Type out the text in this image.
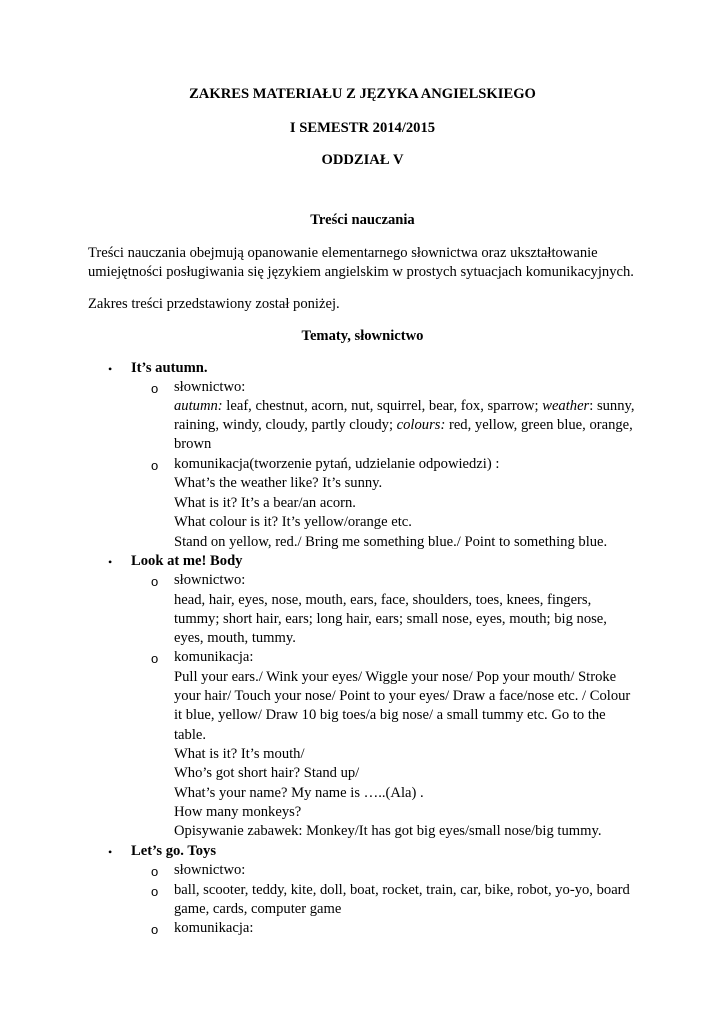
ZAKRES MATERIAŁU Z JĘZYKA ANGIELSKIEGO
I SEMESTR 2014/2015
ODDZIAŁ V
Treści nauczania
Treści nauczania obejmują opanowanie elementarnego słownictwa oraz ukształtowanie
umiejętności posługiwania się językiem angielskim w prostych sytuacjach komunikacyjnych.
Zakres treści przedstawiony został poniżej.
Tematy, słownictwo
• It’s autumn.
o słownictwo:
autumn: leaf, chestnut, acorn, nut, squirrel, bear, fox, sparrow; weather: sunny,
raining, windy, cloudy, partly cloudy; colours: red, yellow, green blue, orange,
brown
o komunikacja(tworzenie pytań, udzielanie odpowiedzi) :
What’s the weather like? It’s sunny.
What is it? It’s a bear/an acorn.
What colour is it? It’s yellow/orange etc.
Stand on yellow, red./ Bring me something blue./ Point to something blue.
• Look at me! Body
o słownictwo:
head, hair, eyes, nose, mouth, ears, face, shoulders, toes, knees, fingers,
tummy; short hair, ears; long hair, ears; small nose, eyes, mouth; big nose,
eyes, mouth, tummy.
o komunikacja:
Pull your ears./ Wink your eyes/ Wiggle your nose/ Pop your mouth/ Stroke
your hair/ Touch your nose/ Point to your eyes/ Draw a face/nose etc. / Colour
it blue, yellow/ Draw 10 big toes/a big nose/ a small tummy etc. Go to the
table.
What is it? It’s mouth/
Who’s got short hair? Stand up/
What’s your name? My name is …..(Ala) .
How many monkeys?
Opisywanie zabawek: Monkey/It has got big eyes/small nose/big tummy.
• Let’s go. Toys
o słownictwo:
o ball, scooter, teddy, kite, doll, boat, rocket, train, car, bike, robot, yo-yo, board
game, cards, computer game
o komunikacja:
